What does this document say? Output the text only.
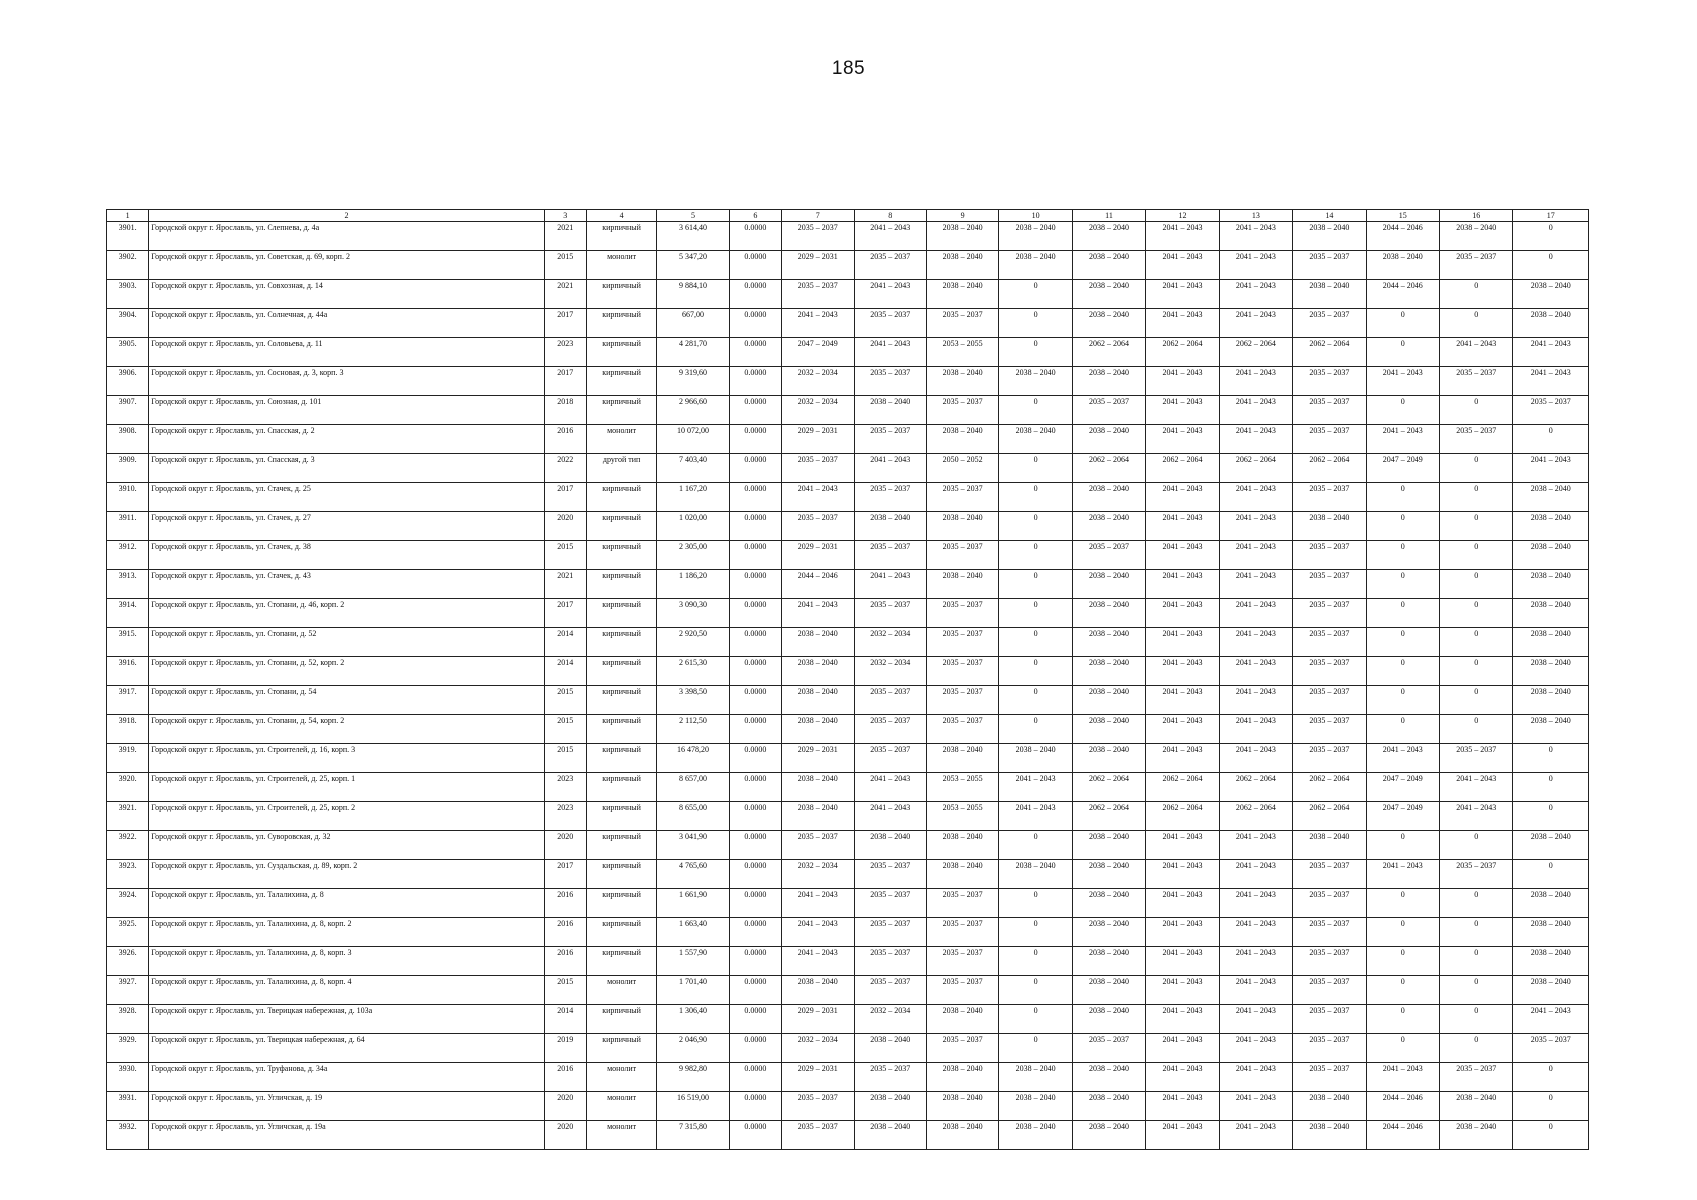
185
1	2	3	4	5	6	7	8	9	10	11	12	13	14	15	16	17
3901.	Городской округ г. Ярославль, ул. Слепнева, д. 4а	2021	кирпичный	3 614,40	0.0000	2035 – 2037	2041 – 2043	2038 – 2040	2038 – 2040	2038 – 2040	2041 – 2043	2041 – 2043	2038 – 2040	2044 – 2046	2038 – 2040	0
3902.	Городской округ г. Ярославль, ул. Советская, д. 69, корп. 2	2015	монолит	5 347,20	0.0000	2029 – 2031	2035 – 2037	2038 – 2040	2038 – 2040	2038 – 2040	2041 – 2043	2041 – 2043	2035 – 2037	2038 – 2040	2035 – 2037	0
3903.	Городской округ г. Ярославль, ул. Совхозная, д. 14	2021	кирпичный	9 884,10	0.0000	2035 – 2037	2041 – 2043	2038 – 2040	0	2038 – 2040	2041 – 2043	2041 – 2043	2038 – 2040	2044 – 2046	0	2038 – 2040
3904.	Городской округ г. Ярославль, ул. Солнечная, д. 44а	2017	кирпичный	667,00	0.0000	2041 – 2043	2035 – 2037	2035 – 2037	0	2038 – 2040	2041 – 2043	2041 – 2043	2035 – 2037	0	0	2038 – 2040
3905.	Городской округ г. Ярославль, ул. Соловьева, д. 11	2023	кирпичный	4 281,70	0.0000	2047 – 2049	2041 – 2043	2053 – 2055	0	2062 – 2064	2062 – 2064	2062 – 2064	2062 – 2064	0	2041 – 2043	2041 – 2043
3906.	Городской округ г. Ярославль, ул. Сосновая, д. 3, корп. 3	2017	кирпичный	9 319,60	0.0000	2032 – 2034	2035 – 2037	2038 – 2040	2038 – 2040	2038 – 2040	2041 – 2043	2041 – 2043	2035 – 2037	2041 – 2043	2035 – 2037	2041 – 2043
3907.	Городской округ г. Ярославль, ул. Союзная, д. 101	2018	кирпичный	2 966,60	0.0000	2032 – 2034	2038 – 2040	2035 – 2037	0	2035 – 2037	2041 – 2043	2041 – 2043	2035 – 2037	0	0	2035 – 2037
3908.	Городской округ г. Ярославль, ул. Спасская, д. 2	2016	монолит	10 072,00	0.0000	2029 – 2031	2035 – 2037	2038 – 2040	2038 – 2040	2038 – 2040	2041 – 2043	2041 – 2043	2035 – 2037	2041 – 2043	2035 – 2037	0
3909.	Городской округ г. Ярославль, ул. Спасская, д. 3	2022	другой тип	7 403,40	0.0000	2035 – 2037	2041 – 2043	2050 – 2052	0	2062 – 2064	2062 – 2064	2062 – 2064	2062 – 2064	2047 – 2049	0	2041 – 2043
3910.	Городской округ г. Ярославль, ул. Стачек, д. 25	2017	кирпичный	1 167,20	0.0000	2041 – 2043	2035 – 2037	2035 – 2037	0	2038 – 2040	2041 – 2043	2041 – 2043	2035 – 2037	0	0	2038 – 2040
3911.	Городской округ г. Ярославль, ул. Стачек, д. 27	2020	кирпичный	1 020,00	0.0000	2035 – 2037	2038 – 2040	2038 – 2040	0	2038 – 2040	2041 – 2043	2041 – 2043	2038 – 2040	0	0	2038 – 2040
3912.	Городской округ г. Ярославль, ул. Стачек, д. 38	2015	кирпичный	2 305,00	0.0000	2029 – 2031	2035 – 2037	2035 – 2037	0	2035 – 2037	2041 – 2043	2041 – 2043	2035 – 2037	0	0	2038 – 2040
3913.	Городской округ г. Ярославль, ул. Стачек, д. 43	2021	кирпичный	1 186,20	0.0000	2044 – 2046	2041 – 2043	2038 – 2040	0	2038 – 2040	2041 – 2043	2041 – 2043	2035 – 2037	0	0	2038 – 2040
3914.	Городской округ г. Ярославль, ул. Стопани, д. 46, корп. 2	2017	кирпичный	3 090,30	0.0000	2041 – 2043	2035 – 2037	2035 – 2037	0	2038 – 2040	2041 – 2043	2041 – 2043	2035 – 2037	0	0	2038 – 2040
3915.	Городской округ г. Ярославль, ул. Стопани, д. 52	2014	кирпичный	2 920,50	0.0000	2038 – 2040	2032 – 2034	2035 – 2037	0	2038 – 2040	2041 – 2043	2041 – 2043	2035 – 2037	0	0	2038 – 2040
3916.	Городской округ г. Ярославль, ул. Стопани, д. 52, корп. 2	2014	кирпичный	2 615,30	0.0000	2038 – 2040	2032 – 2034	2035 – 2037	0	2038 – 2040	2041 – 2043	2041 – 2043	2035 – 2037	0	0	2038 – 2040
3917.	Городской округ г. Ярославль, ул. Стопани, д. 54	2015	кирпичный	3 398,50	0.0000	2038 – 2040	2035 – 2037	2035 – 2037	0	2038 – 2040	2041 – 2043	2041 – 2043	2035 – 2037	0	0	2038 – 2040
3918.	Городской округ г. Ярославль, ул. Стопани, д. 54, корп. 2	2015	кирпичный	2 112,50	0.0000	2038 – 2040	2035 – 2037	2035 – 2037	0	2038 – 2040	2041 – 2043	2041 – 2043	2035 – 2037	0	0	2038 – 2040
3919.	Городской округ г. Ярославль, ул. Строителей, д. 16, корп. 3	2015	кирпичный	16 478,20	0.0000	2029 – 2031	2035 – 2037	2038 – 2040	2038 – 2040	2038 – 2040	2041 – 2043	2041 – 2043	2035 – 2037	2041 – 2043	2035 – 2037	0
3920.	Городской округ г. Ярославль, ул. Строителей, д. 25, корп. 1	2023	кирпичный	8 657,00	0.0000	2038 – 2040	2041 – 2043	2053 – 2055	2041 – 2043	2062 – 2064	2062 – 2064	2062 – 2064	2062 – 2064	2047 – 2049	2041 – 2043	0
3921.	Городской округ г. Ярославль, ул. Строителей, д. 25, корп. 2	2023	кирпичный	8 655,00	0.0000	2038 – 2040	2041 – 2043	2053 – 2055	2041 – 2043	2062 – 2064	2062 – 2064	2062 – 2064	2062 – 2064	2047 – 2049	2041 – 2043	0
3922.	Городской округ г. Ярославль, ул. Суворовская, д. 32	2020	кирпичный	3 041,90	0.0000	2035 – 2037	2038 – 2040	2038 – 2040	0	2038 – 2040	2041 – 2043	2041 – 2043	2038 – 2040	0	0	2038 – 2040
3923.	Городской округ г. Ярославль, ул. Суздальская, д. 89, корп. 2	2017	кирпичный	4 765,60	0.0000	2032 – 2034	2035 – 2037	2038 – 2040	2038 – 2040	2038 – 2040	2041 – 2043	2041 – 2043	2035 – 2037	2041 – 2043	2035 – 2037	0
3924.	Городской округ г. Ярославль, ул. Талалихина, д. 8	2016	кирпичный	1 661,90	0.0000	2041 – 2043	2035 – 2037	2035 – 2037	0	2038 – 2040	2041 – 2043	2041 – 2043	2035 – 2037	0	0	2038 – 2040
3925.	Городской округ г. Ярославль, ул. Талалихина, д. 8, корп. 2	2016	кирпичный	1 663,40	0.0000	2041 – 2043	2035 – 2037	2035 – 2037	0	2038 – 2040	2041 – 2043	2041 – 2043	2035 – 2037	0	0	2038 – 2040
3926.	Городской округ г. Ярославль, ул. Талалихина, д. 8, корп. 3	2016	кирпичный	1 557,90	0.0000	2041 – 2043	2035 – 2037	2035 – 2037	0	2038 – 2040	2041 – 2043	2041 – 2043	2035 – 2037	0	0	2038 – 2040
3927.	Городской округ г. Ярославль, ул. Талалихина, д. 8, корп. 4	2015	монолит	1 701,40	0.0000	2038 – 2040	2035 – 2037	2035 – 2037	0	2038 – 2040	2041 – 2043	2041 – 2043	2035 – 2037	0	0	2038 – 2040
3928.	Городской округ г. Ярославль, ул. Тверицкая набережная, д. 103а	2014	кирпичный	1 306,40	0.0000	2029 – 2031	2032 – 2034	2038 – 2040	0	2038 – 2040	2041 – 2043	2041 – 2043	2035 – 2037	0	0	2041 – 2043
3929.	Городской округ г. Ярославль, ул. Тверицкая набережная, д. 64	2019	кирпичный	2 046,90	0.0000	2032 – 2034	2038 – 2040	2035 – 2037	0	2035 – 2037	2041 – 2043	2041 – 2043	2035 – 2037	0	0	2035 – 2037
3930.	Городской округ г. Ярославль, ул. Труфанова, д. 34а	2016	монолит	9 982,80	0.0000	2029 – 2031	2035 – 2037	2038 – 2040	2038 – 2040	2038 – 2040	2041 – 2043	2041 – 2043	2035 – 2037	2041 – 2043	2035 – 2037	0
3931.	Городской округ г. Ярославль, ул. Угличская, д. 19	2020	монолит	16 519,00	0.0000	2035 – 2037	2038 – 2040	2038 – 2040	2038 – 2040	2038 – 2040	2041 – 2043	2041 – 2043	2038 – 2040	2044 – 2046	2038 – 2040	0
3932.	Городской округ г. Ярославль, ул. Угличская, д. 19а	2020	монолит	7 315,80	0.0000	2035 – 2037	2038 – 2040	2038 – 2040	2038 – 2040	2038 – 2040	2041 – 2043	2041 – 2043	2038 – 2040	2044 – 2046	2038 – 2040	0
